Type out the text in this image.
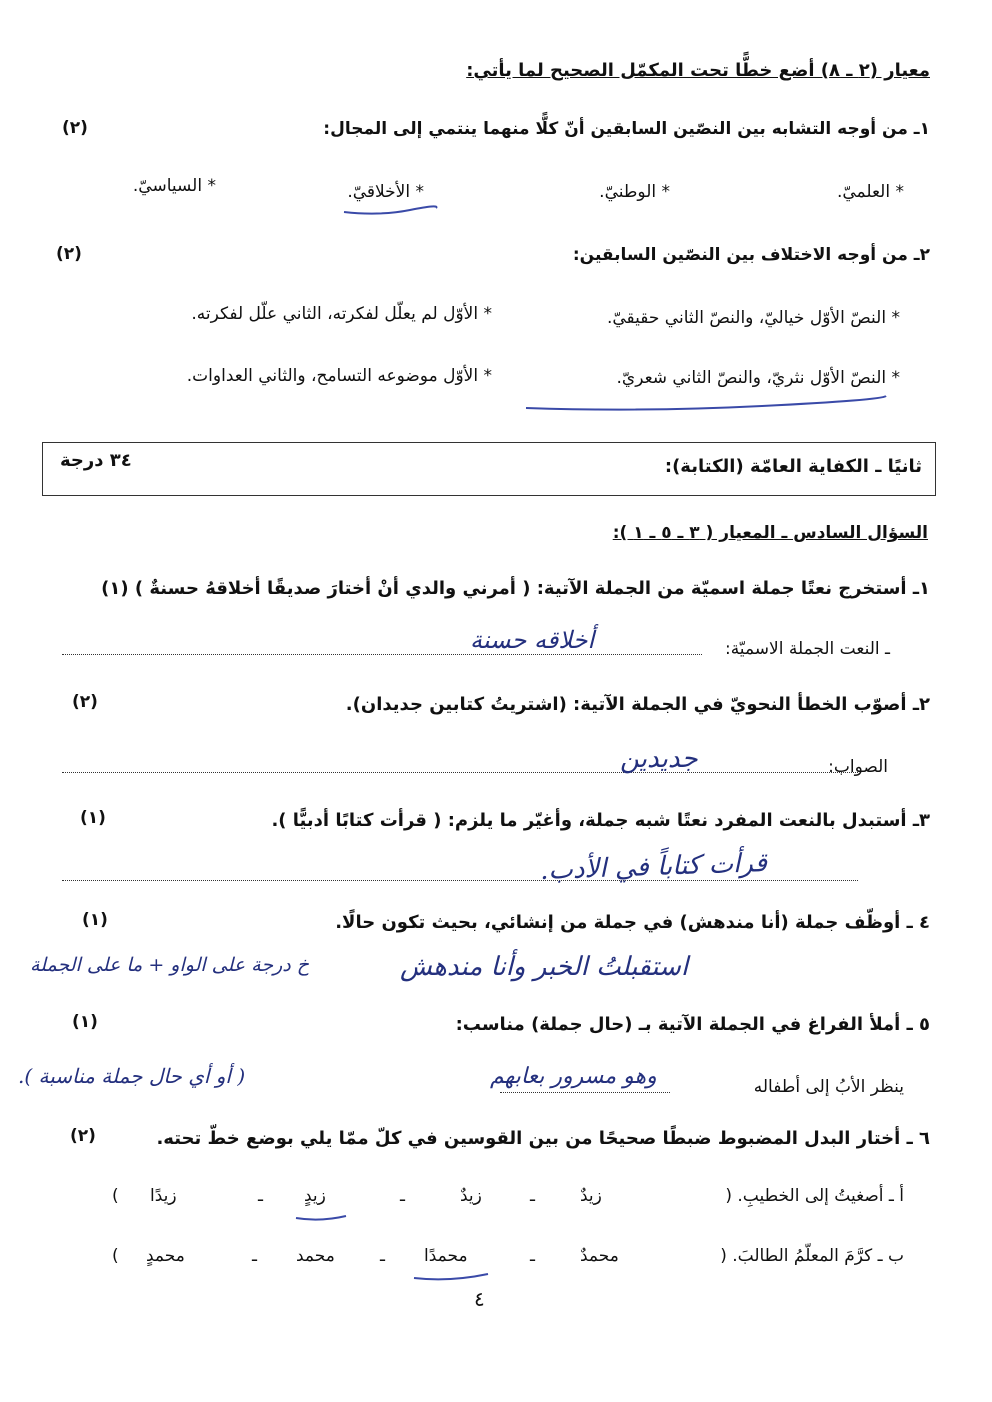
معيار (٢ ـ ٨) أضع خطًّا تحت المكمّل الصحيح لما يأتي:
١ـ من أوجه التشابه بين النصّين السابقين أنّ كلًّا منهما ينتمي إلى المجال:
(٢)
* العلميّ.
* الوطنيّ.
* الأخلاقيّ.
* السياسيّ.
٢ـ من أوجه الاختلاف بين النصّين السابقين:
(٢)
* النصّ الأوّل خياليّ، والنصّ الثاني حقيقيّ.
* الأوّل لم يعلّل لفكرته، الثاني علّل لفكرته.
* النصّ الأوّل نثريّ، والنصّ الثاني شعريّ.
* الأوّل موضوعه التسامح، والثاني العداوات.
ثانيًا ـ الكفاية العامّة (الكتابة):
٣٤ درجة
السؤال السادس ـ المعيار ( ٣ ـ ٥ ـ ١ ):
١ـ أستخرج نعتًا جملة اسميّة من الجملة الآتية: ( أمرني والدي أنْ أختارَ صديقًا أخلاقهُ حسنةٌ ) (١)
ـ النعت الجملة الاسميّة:
أخلاقه حسنة
٢ـ أصوّب الخطأ النحويّ في الجملة الآتية: (اشتريتُ كتابين جديدان).
(٢)
الصواب:
جديدين
٣ـ أستبدل بالنعت المفرد نعتًا شبه جملة، وأغيّر ما يلزم: ( قرأت كتابًا أدبيًّا ).
(١)
قرأت كتاباً في الأدب.
٤ ـ أوظّف جملة (أنا مندهش) في جملة من إنشائي، بحيث تكون حالًا.
(١)
استقبلتُ الخبر وأنا مندهش
خ درجة على الواو + ما على الجملة
٥ ـ أملأ الفراغ في الجملة الآتية بـ (حال جملة) مناسب:
(١)
ينظر الأبُ إلى أطفاله
وهو مسرور بعابهم
( أو أي حال جملة مناسبة ).
٦ ـ أختار البدل المضبوط ضبطًا صحيحًا من بين القوسين في كلّ ممّا يلي بوضع خطّ تحته.
(٢)
أ ـ أصغيتُ إلى الخطيبِ. (
زيدٌ
ـ
زيدٌ
ـ
زيدٍ
ـ
زيدًا
)
ب ـ كرَّمَ المعلّمُ الطالبَ. (
محمدٌ
ـ
محمدًا
ـ
محمد
ـ
محمدٍ
)
٤
